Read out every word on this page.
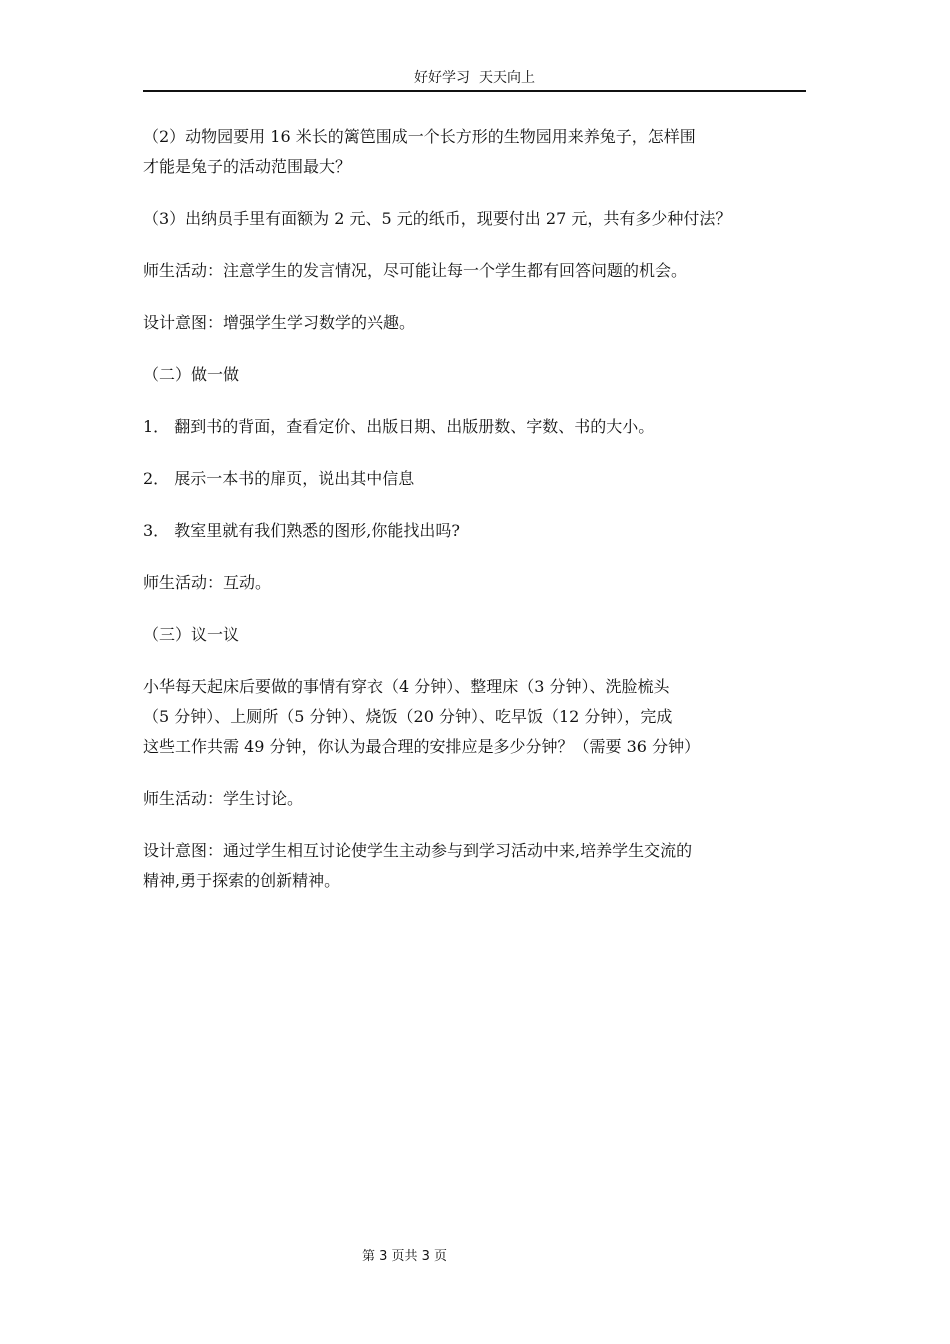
好好学习  天天向上

（2）动物园要用 16 米长的篱笆围成一个长方形的生物园用来养兔子，怎样围
才能是兔子的活动范围最大？

（3）出纳员手里有面额为 2 元、5 元的纸币，现要付出 27 元，共有多少种付法？

师生活动：注意学生的发言情况，尽可能让每一个学生都有回答问题的机会。

设计意图：增强学生学习数学的兴趣。

（二）做一做

1． 翻到书的背面，查看定价、出版日期、出版册数、字数、书的大小。

2． 展示一本书的扉页，说出其中信息

3． 教室里就有我们熟悉的图形,你能找出吗?

师生活动：互动。

（三）议一议

小华每天起床后要做的事情有穿衣（4 分钟）、整理床（3 分钟）、洗脸梳头
（5 分钟）、上厕所（5 分钟）、烧饭（20 分钟）、吃早饭（12 分钟），完成
这些工作共需 49 分钟，你认为最合理的安排应是多少分钟？（需要 36 分钟）

师生活动：学生讨论。

设计意图：通过学生相互讨论使学生主动参与到学习活动中来,培养学生交流的
精神,勇于探索的创新精神。

第 3 页共 3 页
